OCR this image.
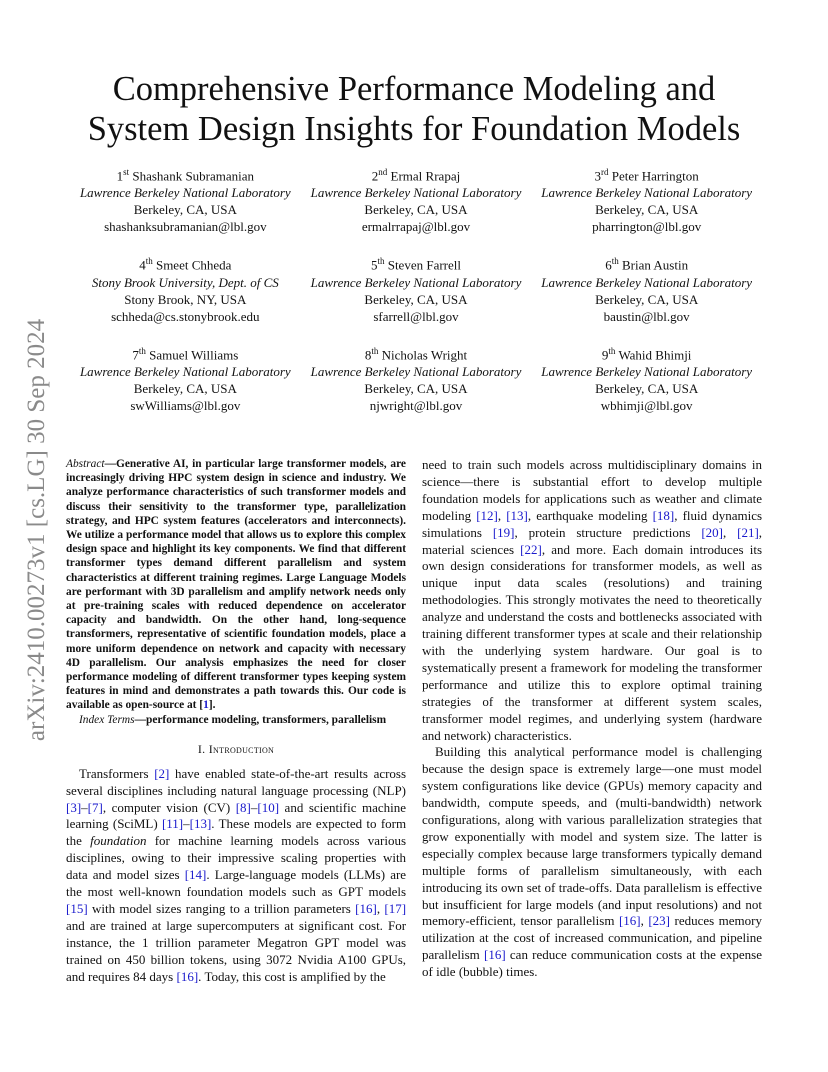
arXiv:2410.00273v1 [cs.LG] 30 Sep 2024
Comprehensive Performance Modeling and System Design Insights for Foundation Models
1st Shashank Subramanian
Lawrence Berkeley National Laboratory
Berkeley, CA, USA
shashanksubramanian@lbl.gov
2nd Ermal Rrapaj
Lawrence Berkeley National Laboratory
Berkeley, CA, USA
ermalrrapaj@lbl.gov
3rd Peter Harrington
Lawrence Berkeley National Laboratory
Berkeley, CA, USA
pharrington@lbl.gov
4th Smeet Chheda
Stony Brook University, Dept. of CS
Stony Brook, NY, USA
schheda@cs.stonybrook.edu
5th Steven Farrell
Lawrence Berkeley National Laboratory
Berkeley, CA, USA
sfarrell@lbl.gov
6th Brian Austin
Lawrence Berkeley National Laboratory
Berkeley, CA, USA
baustin@lbl.gov
7th Samuel Williams
Lawrence Berkeley National Laboratory
Berkeley, CA, USA
swWilliams@lbl.gov
8th Nicholas Wright
Lawrence Berkeley National Laboratory
Berkeley, CA, USA
njwright@lbl.gov
9th Wahid Bhimji
Lawrence Berkeley National Laboratory
Berkeley, CA, USA
wbhimji@lbl.gov

Abstract—Generative AI, in particular large transformer models, are increasingly driving HPC system design in science and industry. We analyze performance characteristics of such transformer models and discuss their sensitivity to the transformer type, parallelization strategy, and HPC system features (accelerators and interconnects). We utilize a performance model that allows us to explore this complex design space and highlight its key components. We find that different transformer types demand different parallelism and system characteristics at different training regimes. Large Language Models are performant with 3D parallelism and amplify network needs only at pre-training scales with reduced dependence on accelerator capacity and bandwidth. On the other hand, long-sequence transformers, representative of scientific foundation models, place a more uniform dependence on network and capacity with necessary 4D parallelism. Our analysis emphasizes the need for closer performance modeling of different transformer types keeping system features in mind and demonstrates a path towards this. Our code is available as open-source at [1].

Index Terms—performance modeling, transformers, parallelism

I. Introduction

Transformers [2] have enabled state-of-the-art results across several disciplines including natural language processing (NLP) [3]–[7], computer vision (CV) [8]–[10] and scientific machine learning (SciML) [11]–[13]. These models are expected to form the foundation for machine learning models across various disciplines, owing to their impressive scaling properties with data and model sizes [14]. Large-language models (LLMs) are the most well-known foundation models such as GPT models [15] with model sizes ranging to a trillion parameters [16], [17] and are trained at large supercomputers at significant cost. For instance, the 1 trillion parameter Megatron GPT model was trained on 450 billion tokens, using 3072 Nvidia A100 GPUs, and requires 84 days [16]. Today, this cost is amplified by the

need to train such models across multidisciplinary domains in science—there is substantial effort to develop multiple foundation models for applications such as weather and climate modeling [12], [13], earthquake modeling [18], fluid dynamics simulations [19], protein structure predictions [20], [21], material sciences [22], and more. Each domain introduces its own design considerations for transformer models, as well as unique input data scales (resolutions) and training methodologies. This strongly motivates the need to theoretically analyze and understand the costs and bottlenecks associated with training different transformer types at scale and their relationship with the underlying system hardware. Our goal is to systematically present a framework for modeling the transformer performance and utilize this to explore optimal training strategies of the transformer at different system scales, transformer model regimes, and underlying system (hardware and network) characteristics.

Building this analytical performance model is challenging because the design space is extremely large—one must model system configurations like device (GPUs) memory capacity and bandwidth, compute speeds, and (multi-bandwidth) network configurations, along with various parallelization strategies that grow exponentially with model and system size. The latter is especially complex because large transformers typically demand multiple forms of parallelism simultaneously, with each introducing its own set of trade-offs. Data parallelism is effective but insufficient for large models (and input resolutions) and not memory-efficient, tensor parallelism [16], [23] reduces memory utilization at the cost of increased communication, and pipeline parallelism [16] can reduce communication costs at the expense of idle (bubble) times.
